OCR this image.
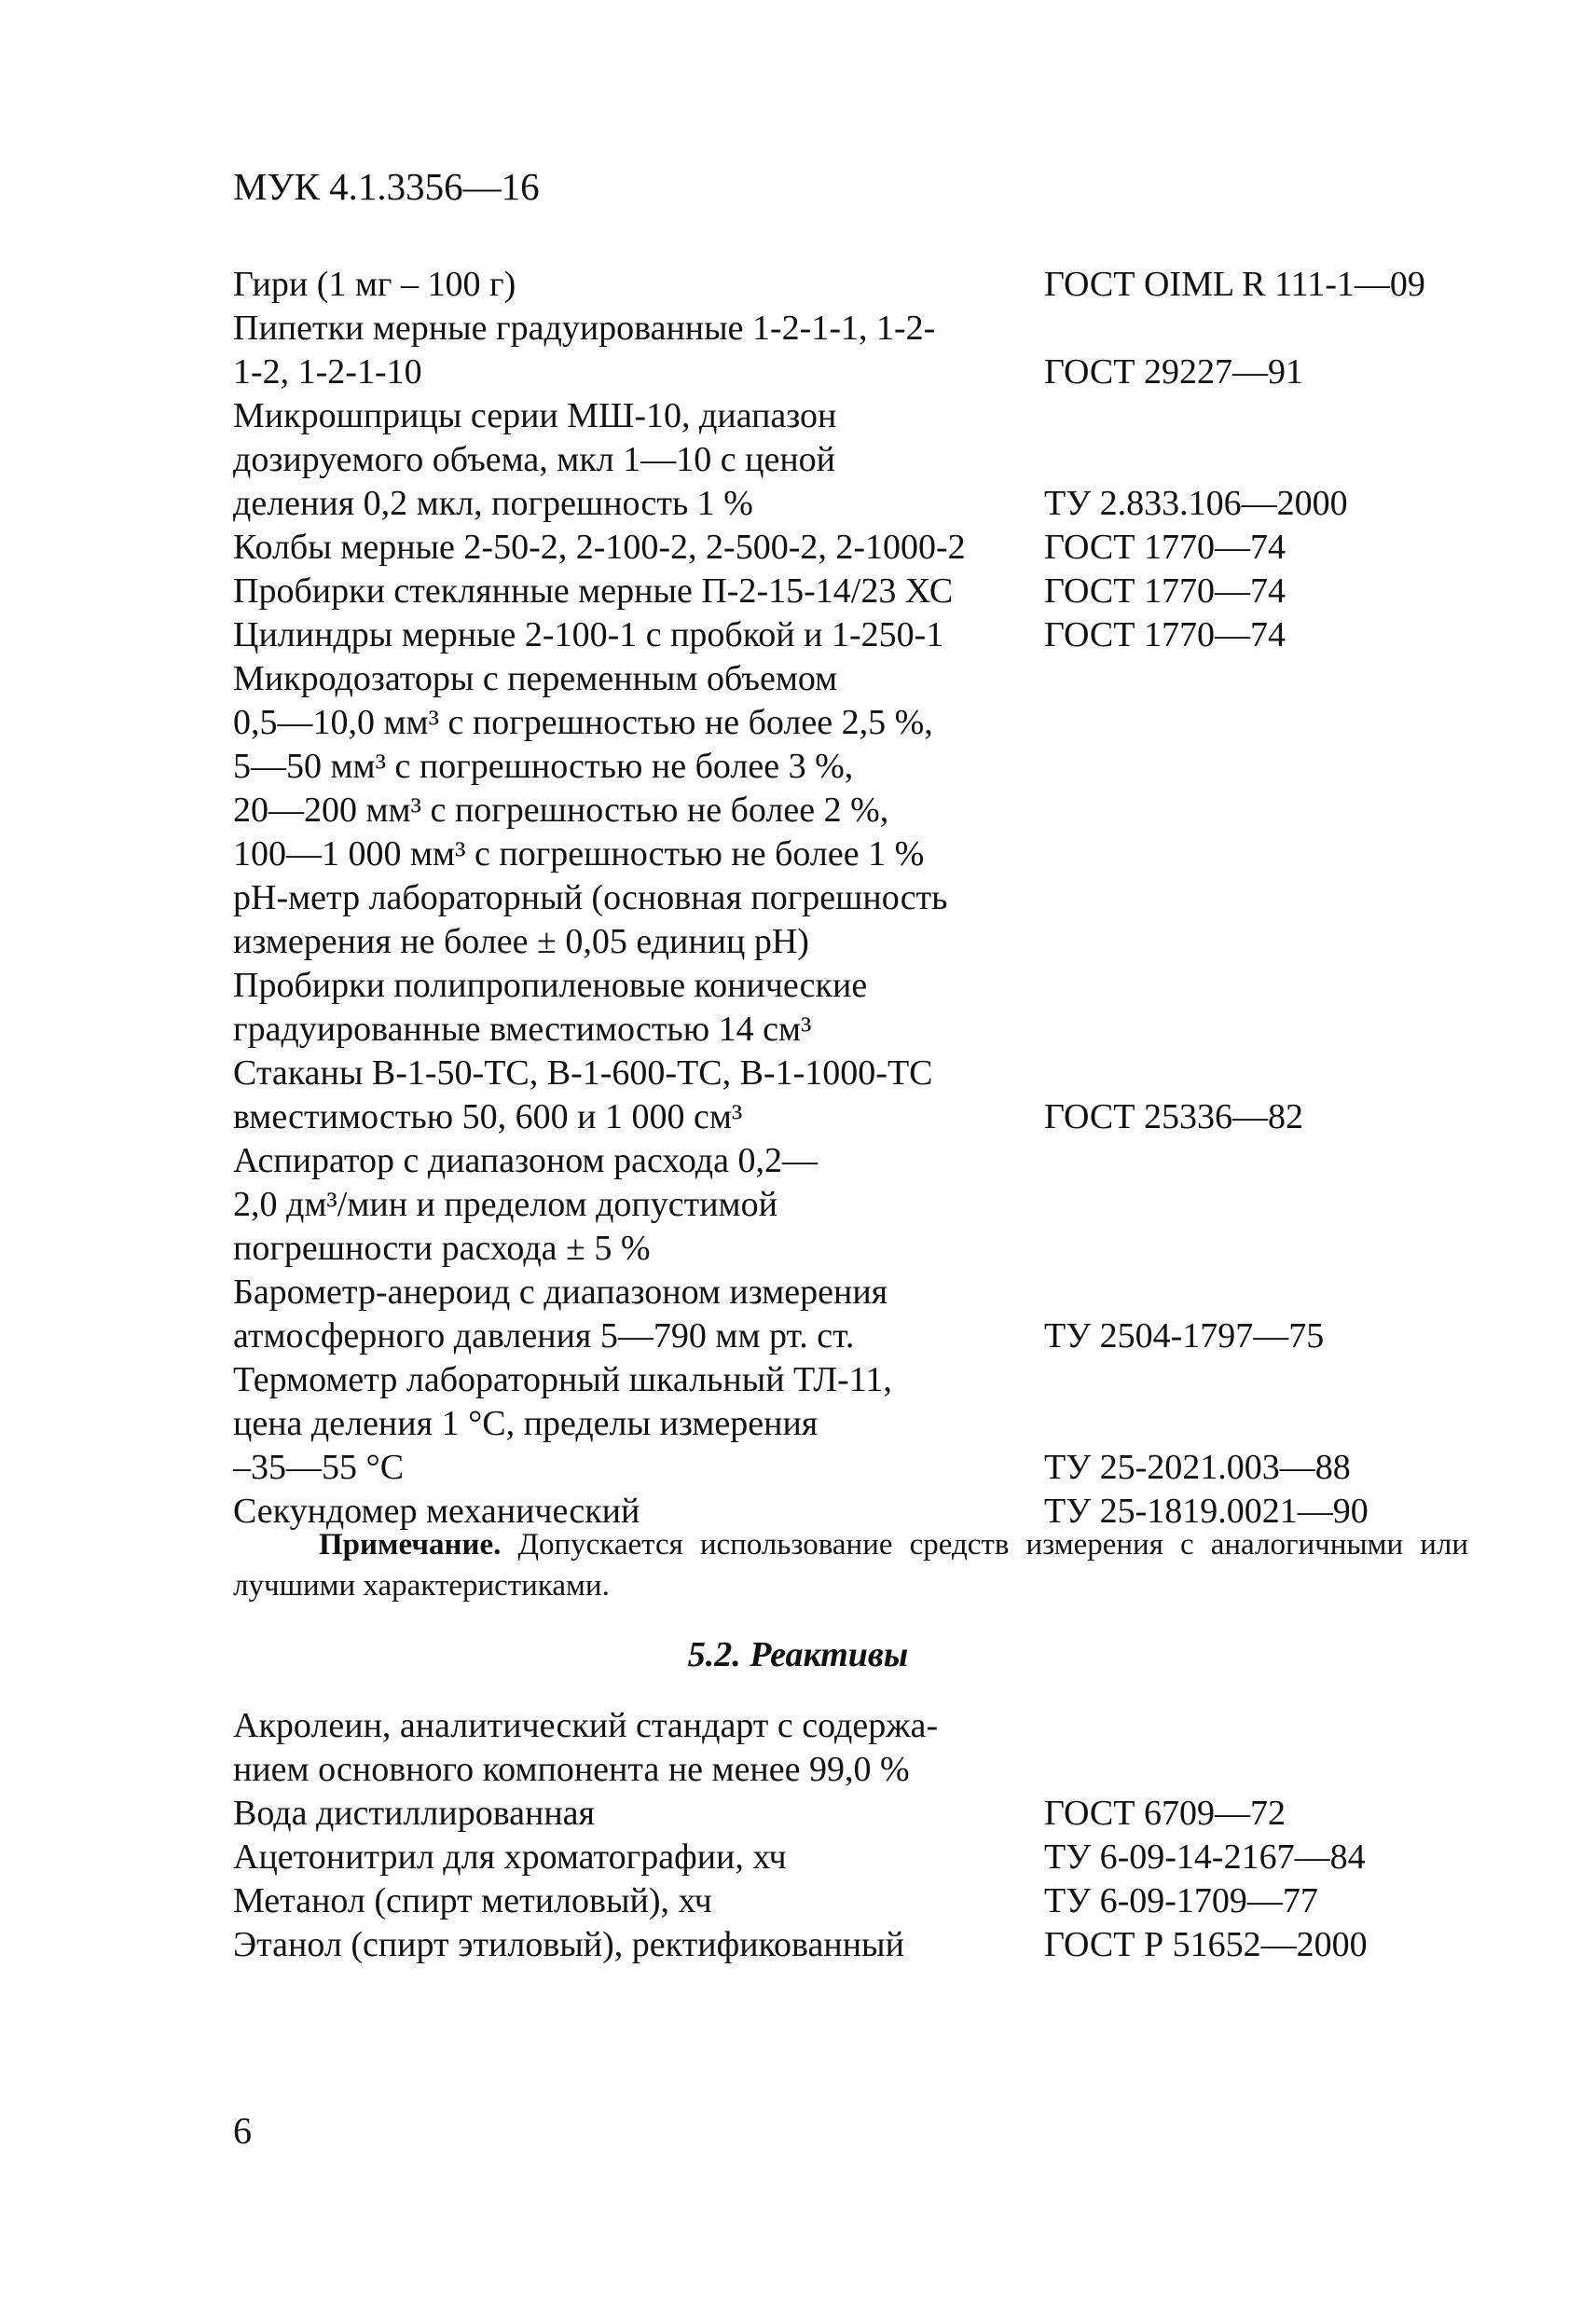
МУК 4.1.3356—16
Гири (1 мг – 100 г)	ГОСТ OIML R 111-1—09
Пипетки мерные градуированные 1-2-1-1, 1-2-
1-2, 1-2-1-10	ГОСТ 29227—91
Микрошприцы серии МШ-10, диапазон
дозируемого объема, мкл 1—10 с ценой
деления 0,2 мкл, погрешность 1 %	ТУ 2.833.106—2000
Колбы мерные 2-50-2, 2-100-2, 2-500-2, 2-1000-2	ГОСТ 1770—74
Пробирки стеклянные мерные П-2-15-14/23 ХС	ГОСТ 1770—74
Цилиндры мерные 2-100-1 с пробкой и 1-250-1	ГОСТ 1770—74
Микродозаторы с переменным объемом
0,5—10,0 мм³ с погрешностью не более 2,5 %,
5—50 мм³ с погрешностью не более 3 %,
20—200 мм³ с погрешностью не более 2 %,
100—1 000 мм³ с погрешностью не более 1 %
pH-метр лабораторный (основная погрешность
измерения не более ± 0,05 единиц pH)
Пробирки полипропиленовые конические
градуированные вместимостью 14 см³
Стаканы В-1-50-ТС, В-1-600-ТС, В-1-1000-ТС
вместимостью 50, 600 и 1 000 см³	ГОСТ 25336—82
Аспиратор с диапазоном расхода 0,2—
2,0 дм³/мин и пределом допустимой
погрешности расхода ± 5 %
Барометр-анероид с диапазоном измерения
атмосферного давления 5—790 мм рт. ст.	ТУ 2504-1797—75
Термометр лабораторный шкальный ТЛ-11,
цена деления 1 °С, пределы измерения
–35—55 °С	ТУ 25-2021.003—88
Секундомер механический	ТУ 25-1819.0021—90
Примечание. Допускается использование средств измерения с аналогичными или лучшими характеристиками.
5.2. Реактивы
Акролеин, аналитический стандарт с содержа-
нием основного компонента не менее 99,0 %
Вода дистиллированная	ГОСТ 6709—72
Ацетонитрил для хроматографии, хч	ТУ 6-09-14-2167—84
Метанол (спирт метиловый), хч	ТУ 6-09-1709—77
Этанол (спирт этиловый), ректификованный	ГОСТ Р 51652—2000
6
